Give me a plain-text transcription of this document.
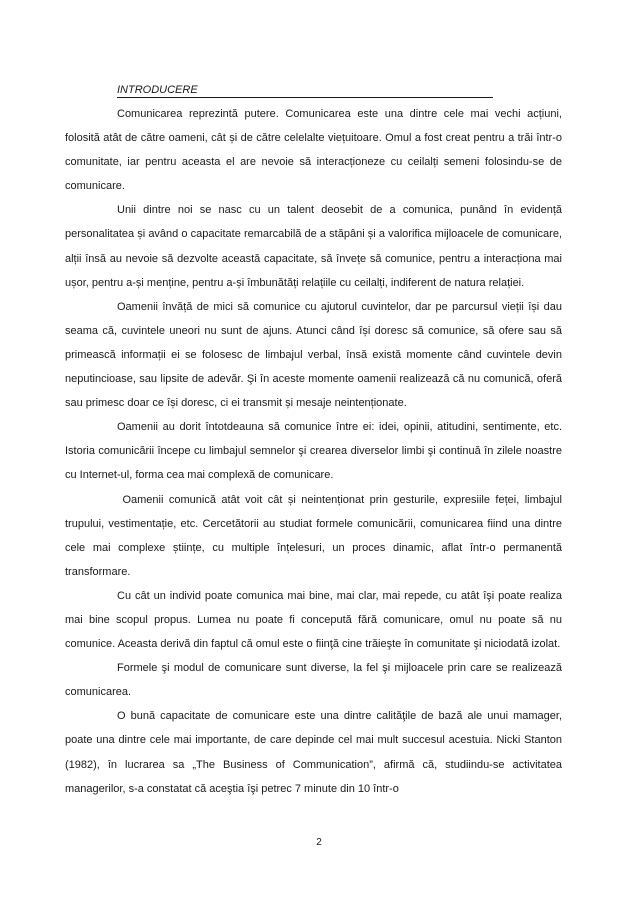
INTRODUCERE

Comunicarea reprezintă putere. Comunicarea este una dintre cele mai vechi acțiuni, folosită atât de către oameni, cât și de către celelalte viețuitoare. Omul a fost creat pentru a trăi într-o comunitate, iar pentru aceasta el are nevoie să interacționeze cu ceilalți semeni folosindu-se de comunicare.

Unii dintre noi se nasc cu un talent deosebit de a comunica, punând în evidență personalitatea și având o capacitate remarcabilă de a stăpâni și a valorifica mijloacele de comunicare, alții însă au nevoie să dezvolte această capacitate, să învețe să comunice, pentru a interacționa mai ușor, pentru a-și menține, pentru a-și îmbunătăți relațiile cu ceilalți, indiferent de natura relației.

Oamenii învăță de mici să comunice cu ajutorul cuvintelor, dar pe parcursul vieții își dau seama că, cuvintele uneori nu sunt de ajuns. Atunci când își doresc să comunice, să ofere sau să primească informații ei se folosesc de limbajul verbal, însă există momente când cuvintele devin neputincioase, sau lipsite de adevăr. Şi în aceste momente oamenii realizează că nu comunică, oferă sau primesc doar ce își doresc, ci ei transmit și mesaje neintenționate.

Oamenii au dorit întotdeauna să comunice între ei: idei, opinii, atitudini, sentimente, etc. Istoria comunicării începe cu limbajul semnelor şi crearea diverselor limbi şi continuă în zilele noastre cu Internet-ul, forma cea mai complexă de comunicare.

Oamenii comunică atât voit cât și neintenționat prin gesturile, expresiile feței, limbajul trupului, vestimentație, etc. Cercetătorii au studiat formele comunicării, comunicarea fiind una dintre cele mai complexe științe, cu multiple înțelesuri, un proces dinamic, aflat într-o permanentă transformare.

Cu cât un individ poate comunica mai bine, mai clar, mai repede, cu atât îşi poate realiza mai bine scopul propus. Lumea nu poate fi concepută fără comunicare, omul nu poate să nu comunice. Aceasta derivă din faptul că omul este o fiinţă cine trăieşte în comunitate şi niciodată izolat.

Formele şi modul de comunicare sunt diverse, la fel şi mijloacele prin care se realizează comunicarea.

O bună capacitate de comunicare este una dintre calităţile de bază ale unui mamager, poate una dintre cele mai importante, de care depinde cel mai mult succesul acestuia. Nicki Stanton (1982), în lucrarea sa „The Business of Communication”, afirmă că, studiindu-se activitatea managerilor, s-a constatat că aceştia îşi petrec 7 minute din 10 într-o

2
